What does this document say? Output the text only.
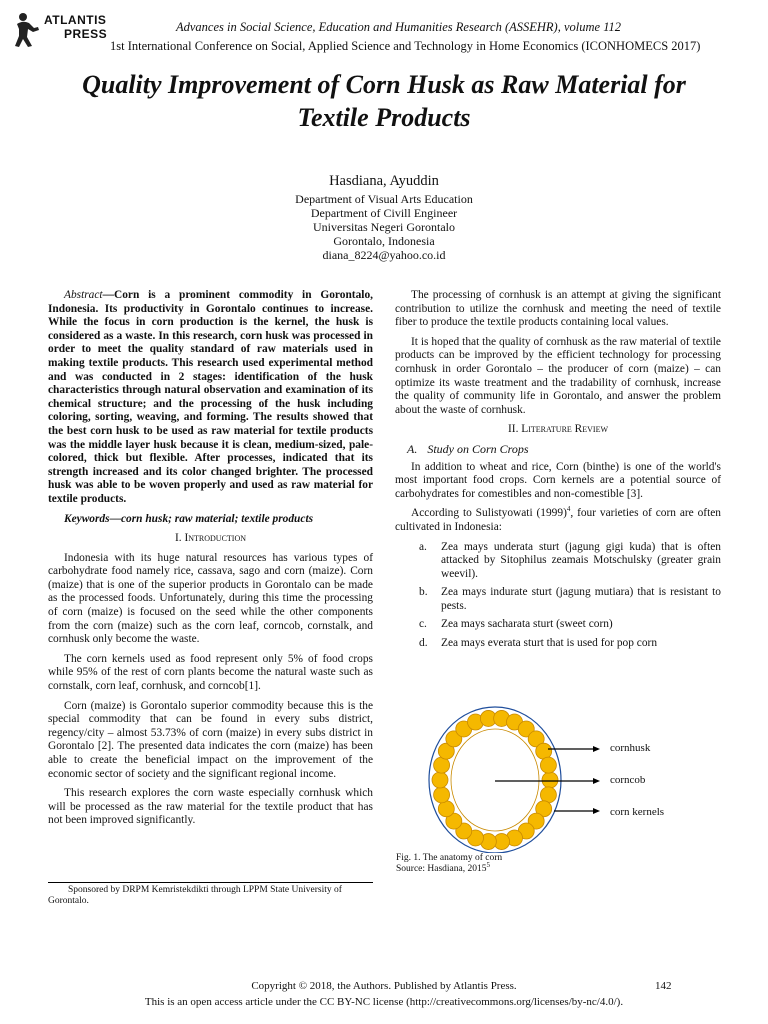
ATLANTIS
PRESS	Advances in Social Science, Education and Humanities Research (ASSEHR), volume 112
1st International Conference on Social, Applied Science and Technology in Home Economics (ICONHOMECS 2017)
Quality Improvement of Corn Husk as Raw Material for Textile Products
Hasdiana, Ayuddin
Department of Visual Arts Education
Department of Civill Engineer
Universitas Negeri Gorontalo
Gorontalo, Indonesia
diana_8224@yahoo.co.id

Abstract—Corn is a prominent commodity in Gorontalo, Indonesia. Its productivity in Gorontalo continues to increase. While the focus in corn production is the kernel, the husk is considered as a waste. In this research, corn husk was processed in order to meet the quality standard of raw materials used in making textile products. This research used experimental method and was conducted in 2 stages: identification of the husk characteristics through natural observation and examination of its chemical structure; and the processing of the husk including coloring, sorting, weaving, and forming. The results showed that the best corn husk to be used as raw material for textile products was the middle layer husk because it is clean, medium-sized, pale-colored, thick but flexible. After processes, indicated that its strength increased and its color changed brighter. The processed husk was able to be woven properly and used as raw material for textile products.

Keywords—corn husk; raw material; textile products

I. Introduction

Indonesia with its huge natural resources has various types of carbohydrate food namely rice, cassava, sago and corn (maize). Corn (maize) that is one of the superior products in Gorontalo can be made as the processed foods. Unfortunately, during this time the processing of corn (maize) is focused on the seed while the other components from the corn (maize) such as the corn leaf, corncob, cornstalk, and cornhusk only become the waste.

The corn kernels used as food represent only 5% of food crops while 95% of the rest of corn plants become the natural waste such as cornstalk, corn leaf, cornhusk, and corncob[1].

Corn (maize) is Gorontalo superior commodity because this is the special commodity that can be found in every subs district, regency/city – almost 53.73% of corn (maize) in every subs district in Gorontalo [2]. The presented data indicates the corn (maize) has been able to create the beneficial impact on the improvement of the economic sector of society and the significant regional income.

This research explores the corn waste especially cornhusk which will be processed as the raw material for the textile product that has not been improved significantly.

The processing of cornhusk is an attempt at giving the significant contribution to utilize the cornhusk and meeting the need of textile fiber to produce the textile products containing local values.

It is hoped that the quality of cornhusk as the raw material of textile products can be improved by the efficient technology for processing cornhusk in order Gorontalo – the producer of corn (maize) – can optimize its waste treatment and the tradability of cornhusk, increase the quality of community life in Gorontalo, and answer the problem about the waste of cornhusk.

II. Literature Review
A. Study on Corn Crops

In addition to wheat and rice, Corn (binthe) is one of the world's most important food crops. Corn kernels are a potential source of carbohydrates for comestibles and non-comestible [3].

According to Sulistyowati $(1999)^4$, four varieties of corn are often cultivated in Indonesia:

a. Zea mays underata sturt (jagung gigi kuda) that is often attacked by Sitophilus zeamais Motschulsky (greater grain weevil).
b. Zea mays indurate sturt (jagung mutiara) that is resistant to pests.
c. Zea mays sacharata sturt (sweet corn)
d. Zea mays everata sturt that is used for pop corn
cornhusk
corncob
corn kernels
Fig. 1. The anatomy of corn
Source: Hasdiana, 2015$^5$
Sponsored by DRPM Kemristekdikti through LPPM State University of Gorontalo.
Copyright © 2018, the Authors. Published by Atlantis Press.	142
This is an open access article under the CC BY-NC license (http://creativecommons.org/licenses/by-nc/4.0/).
